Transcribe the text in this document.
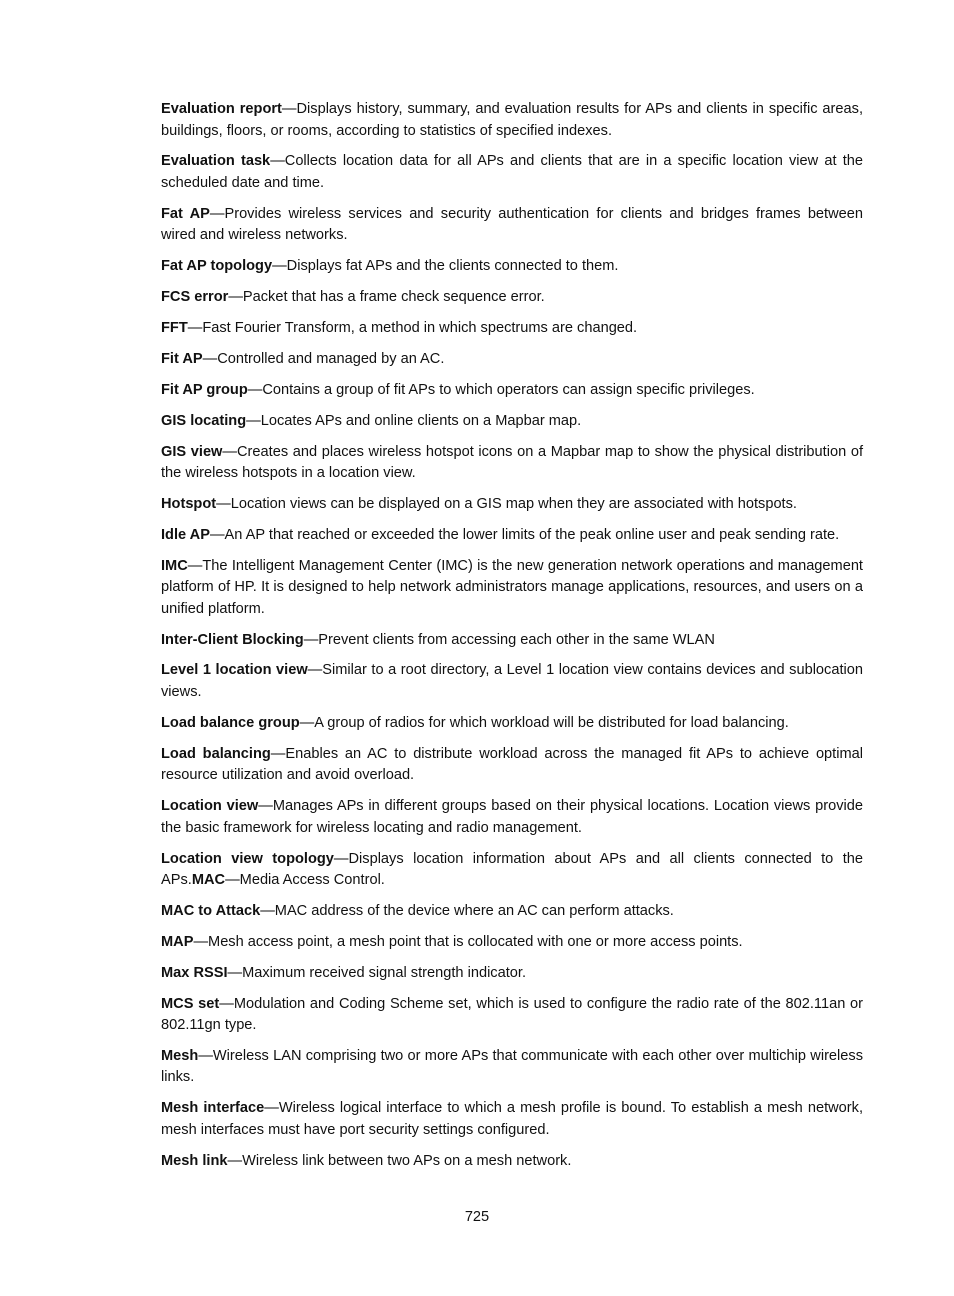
Evaluation report—Displays history, summary, and evaluation results for APs and clients in specific areas, buildings, floors, or rooms, according to statistics of specified indexes.

Evaluation task—Collects location data for all APs and clients that are in a specific location view at the scheduled date and time.

Fat AP—Provides wireless services and security authentication for clients and bridges frames between wired and wireless networks.

Fat AP topology—Displays fat APs and the clients connected to them.

FCS error—Packet that has a frame check sequence error.

FFT—Fast Fourier Transform, a method in which spectrums are changed.

Fit AP—Controlled and managed by an AC.

Fit AP group—Contains a group of fit APs to which operators can assign specific privileges.

GIS locating—Locates APs and online clients on a Mapbar map.

GIS view—Creates and places wireless hotspot icons on a Mapbar map to show the physical distribution of the wireless hotspots in a location view.

Hotspot—Location views can be displayed on a GIS map when they are associated with hotspots.

Idle AP—An AP that reached or exceeded the lower limits of the peak online user and peak sending rate.

IMC—The Intelligent Management Center (IMC) is the new generation network operations and management platform of HP. It is designed to help network administrators manage applications, resources, and users on a unified platform.

Inter-Client Blocking—Prevent clients from accessing each other in the same WLAN

Level 1 location view—Similar to a root directory, a Level 1 location view contains devices and sublocation views.

Load balance group—A group of radios for which workload will be distributed for load balancing.

Load balancing—Enables an AC to distribute workload across the managed fit APs to achieve optimal resource utilization and avoid overload.

Location view—Manages APs in different groups based on their physical locations. Location views provide the basic framework for wireless locating and radio management.

Location view topology—Displays location information about APs and all clients connected to the APs.MAC—Media Access Control.

MAC to Attack—MAC address of the device where an AC can perform attacks.

MAP—Mesh access point, a mesh point that is collocated with one or more access points.

Max RSSI—Maximum received signal strength indicator.

MCS set—Modulation and Coding Scheme set, which is used to configure the radio rate of the 802.11an or 802.11gn type.

Mesh—Wireless LAN comprising two or more APs that communicate with each other over multichip wireless links.

Mesh interface—Wireless logical interface to which a mesh profile is bound. To establish a mesh network, mesh interfaces must have port security settings configured.

Mesh link—Wireless link between two APs on a mesh network.

725
